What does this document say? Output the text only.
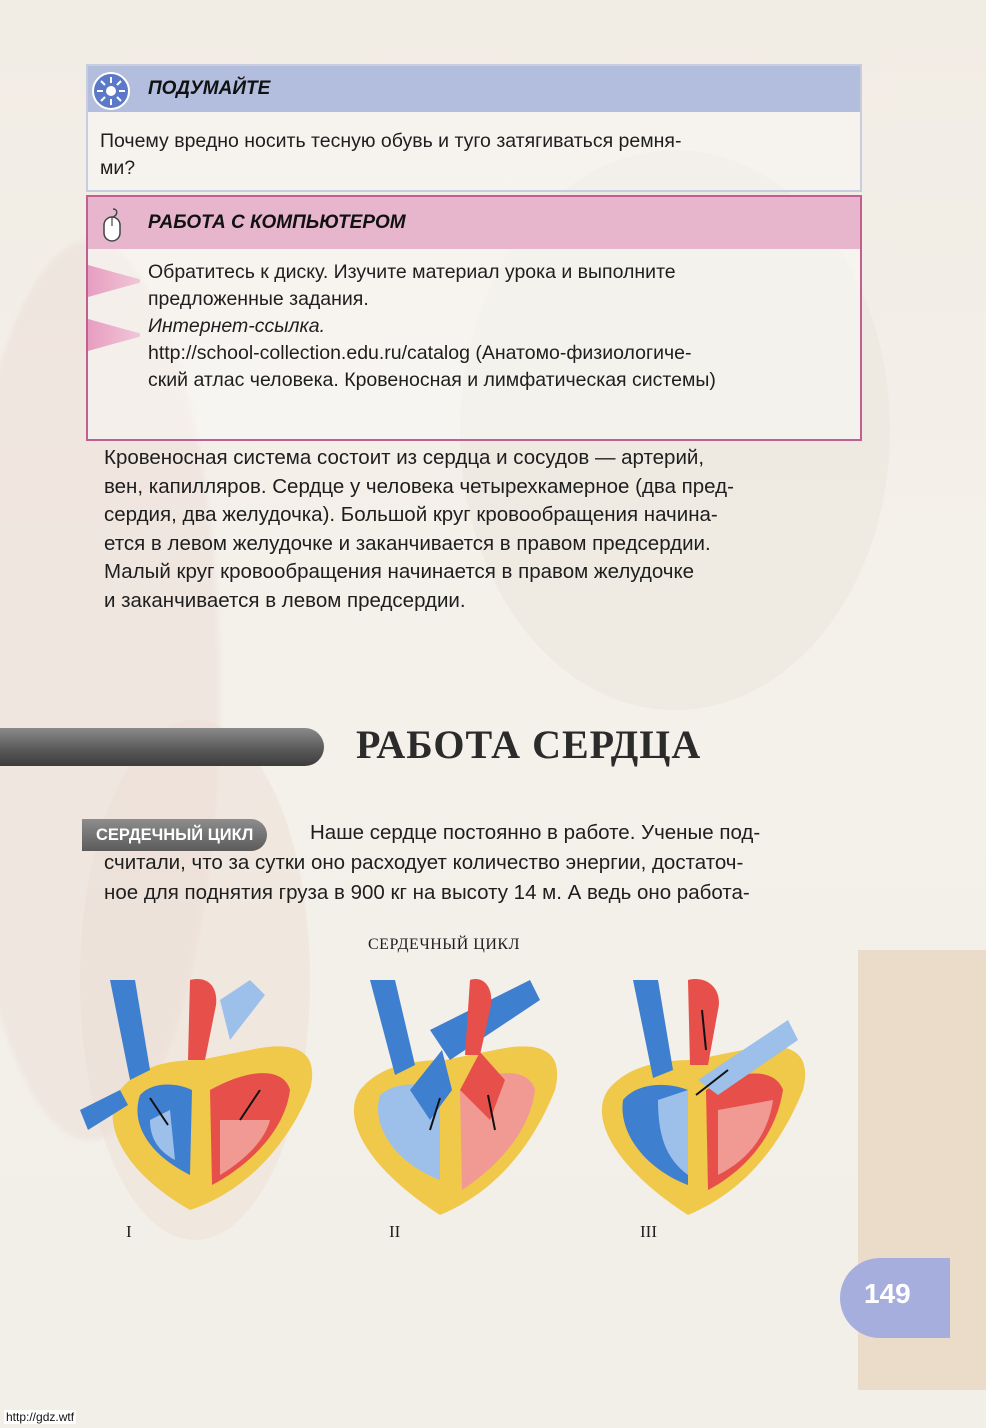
ПОДУМАЙТЕ
Почему вредно носить тесную обувь и туго затягиваться ремня-
ми?
РАБОТА С КОМПЬЮТЕРОМ
Обратитесь к диску. Изучите материал урока и выполните
предложенные задания.
Интернет-ссылка.
http://school-collection.edu.ru/catalog (Анатомо-физиологиче-
ский атлас человека. Кровеносная и лимфатическая системы)
Кровеносная система состоит из сердца и сосудов — артерий,
вен, капилляров. Сердце у человека четырехкамерное (два пред-
сердия, два желудочка). Большой круг кровообращения начина-
ется в левом желудочке и заканчивается в правом предсердии.
Малый круг кровообращения начинается в правом желудочке
и заканчивается в левом предсердии.
РАБОТА СЕРДЦА
Наше сердце постоянно в работе. Ученые под-
считали, что за сутки оно расходует количество энергии, достаточ-
ное для поднятия груза в 900 кг на высоту 14 м. А ведь оно работа-
СЕРДЕЧНЫЙ ЦИКЛ
СЕРДЕЧНЫЙ ЦИКЛ
I	II	III
149
http://gdz.wtf
